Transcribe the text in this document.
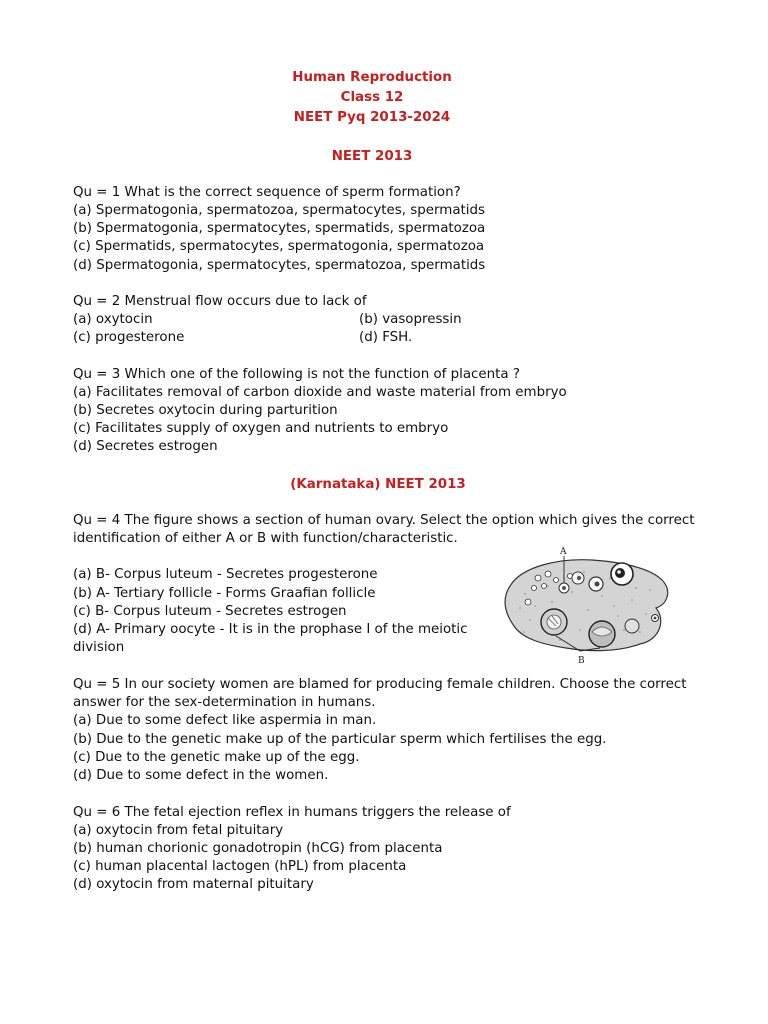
Human Reproduction
Class 12
NEET Pyq 2013-2024
NEET 2013
Qu = 1 What is the correct sequence of sperm formation?
(a) Spermatogonia, spermatozoa, spermatocytes, spermatids
(b) Spermatogonia, spermatocytes, spermatids, spermatozoa
(c) Spermatids, spermatocytes, spermatogonia, spermatozoa
(d) Spermatogonia, spermatocytes, spermatozoa, spermatids
Qu = 2 Menstrual flow occurs due to lack of
(a) oxytocin	(b) vasopressin
(c) progesterone	(d) FSH.
Qu = 3 Which one of the following is not the function of placenta ?
(a) Facilitates removal of carbon dioxide and waste material from embryo
(b) Secretes oxytocin during parturition
(c) Facilitates supply of oxygen and nutrients to embryo
(d) Secretes estrogen
(Karnataka) NEET 2013
Qu = 4 The figure shows a section of human ovary. Select the option which gives the correct
identification of either A or B with function/characteristic.
(a) B- Corpus luteum - Secretes progesterone
(b) A- Tertiary follicle - Forms Graafian follicle
(c) B- Corpus luteum - Secretes estrogen
(d) A- Primary oocyte - It is in the prophase I of the meiotic
division
A
B
Qu = 5 In our society women are blamed for producing female children. Choose the correct
answer for the sex-determination in humans.
(a) Due to some defect like aspermia in man.
(b) Due to the genetic make up of the particular sperm which fertilises the egg.
(c) Due to the genetic make up of the egg.
(d) Due to some defect in the women.
Qu = 6 The fetal ejection reflex in humans triggers the release of
(a) oxytocin from fetal pituitary
(b) human chorionic gonadotropin (hCG) from placenta
(c) human placental lactogen (hPL) from placenta
(d) oxytocin from maternal pituitary
